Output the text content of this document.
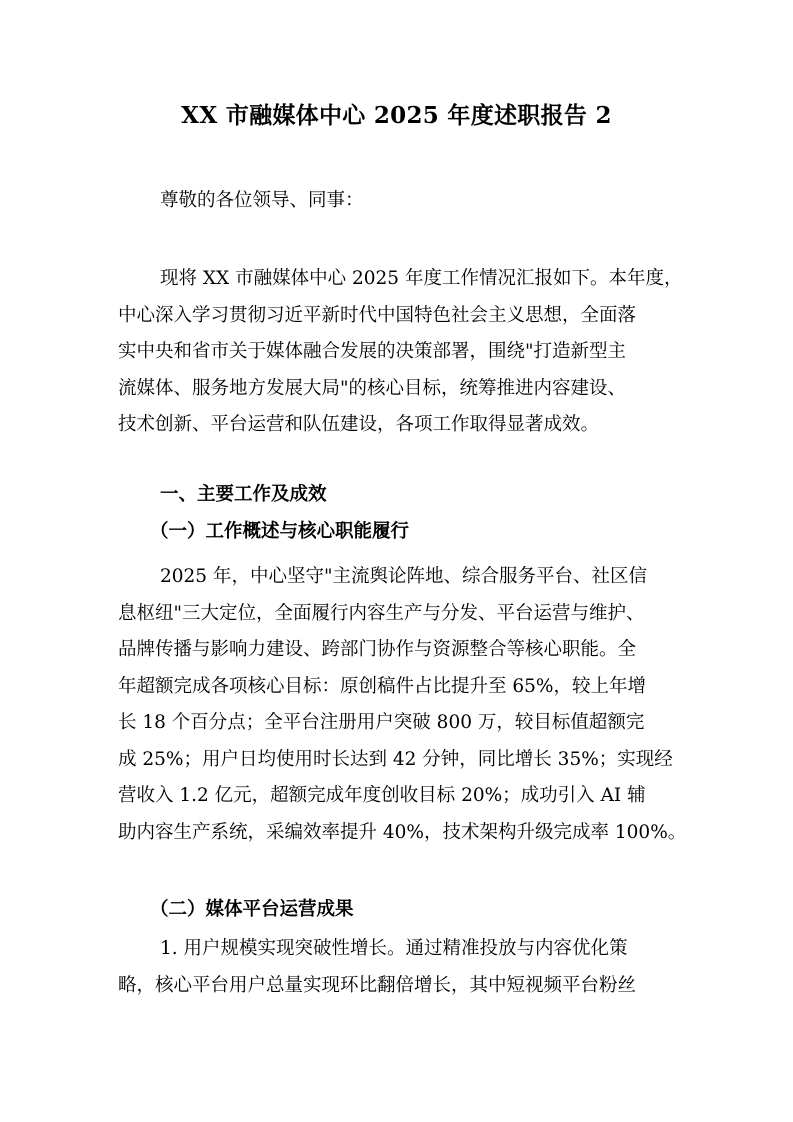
XX 市融媒体中心 2025 年度述职报告 2
尊敬的各位领导、同事：
现将 XX 市融媒体中心 2025 年度工作情况汇报如下。本年度，
中心深入学习贯彻习近平新时代中国特色社会主义思想，全面落
实中央和省市关于媒体融合发展的决策部署，围绕"打造新型主
流媒体、服务地方发展大局"的核心目标，统筹推进内容建设、
技术创新、平台运营和队伍建设，各项工作取得显著成效。
一、主要工作及成效
（一）工作概述与核心职能履行
2025 年，中心坚守"主流舆论阵地、综合服务平台、社区信
息枢纽"三大定位，全面履行内容生产与分发、平台运营与维护、
品牌传播与影响力建设、跨部门协作与资源整合等核心职能。全
年超额完成各项核心目标：原创稿件占比提升至 65%，较上年增
长 18 个百分点；全平台注册用户突破 800 万，较目标值超额完
成 25%；用户日均使用时长达到 42 分钟，同比增长 35%；实现经
营收入 1.2 亿元，超额完成年度创收目标 20%；成功引入 AI 辅
助内容生产系统，采编效率提升 40%，技术架构升级完成率 100%。
（二）媒体平台运营成果
1. 用户规模实现突破性增长。通过精准投放与内容优化策
略，核心平台用户总量实现环比翻倍增长，其中短视频平台粉丝
